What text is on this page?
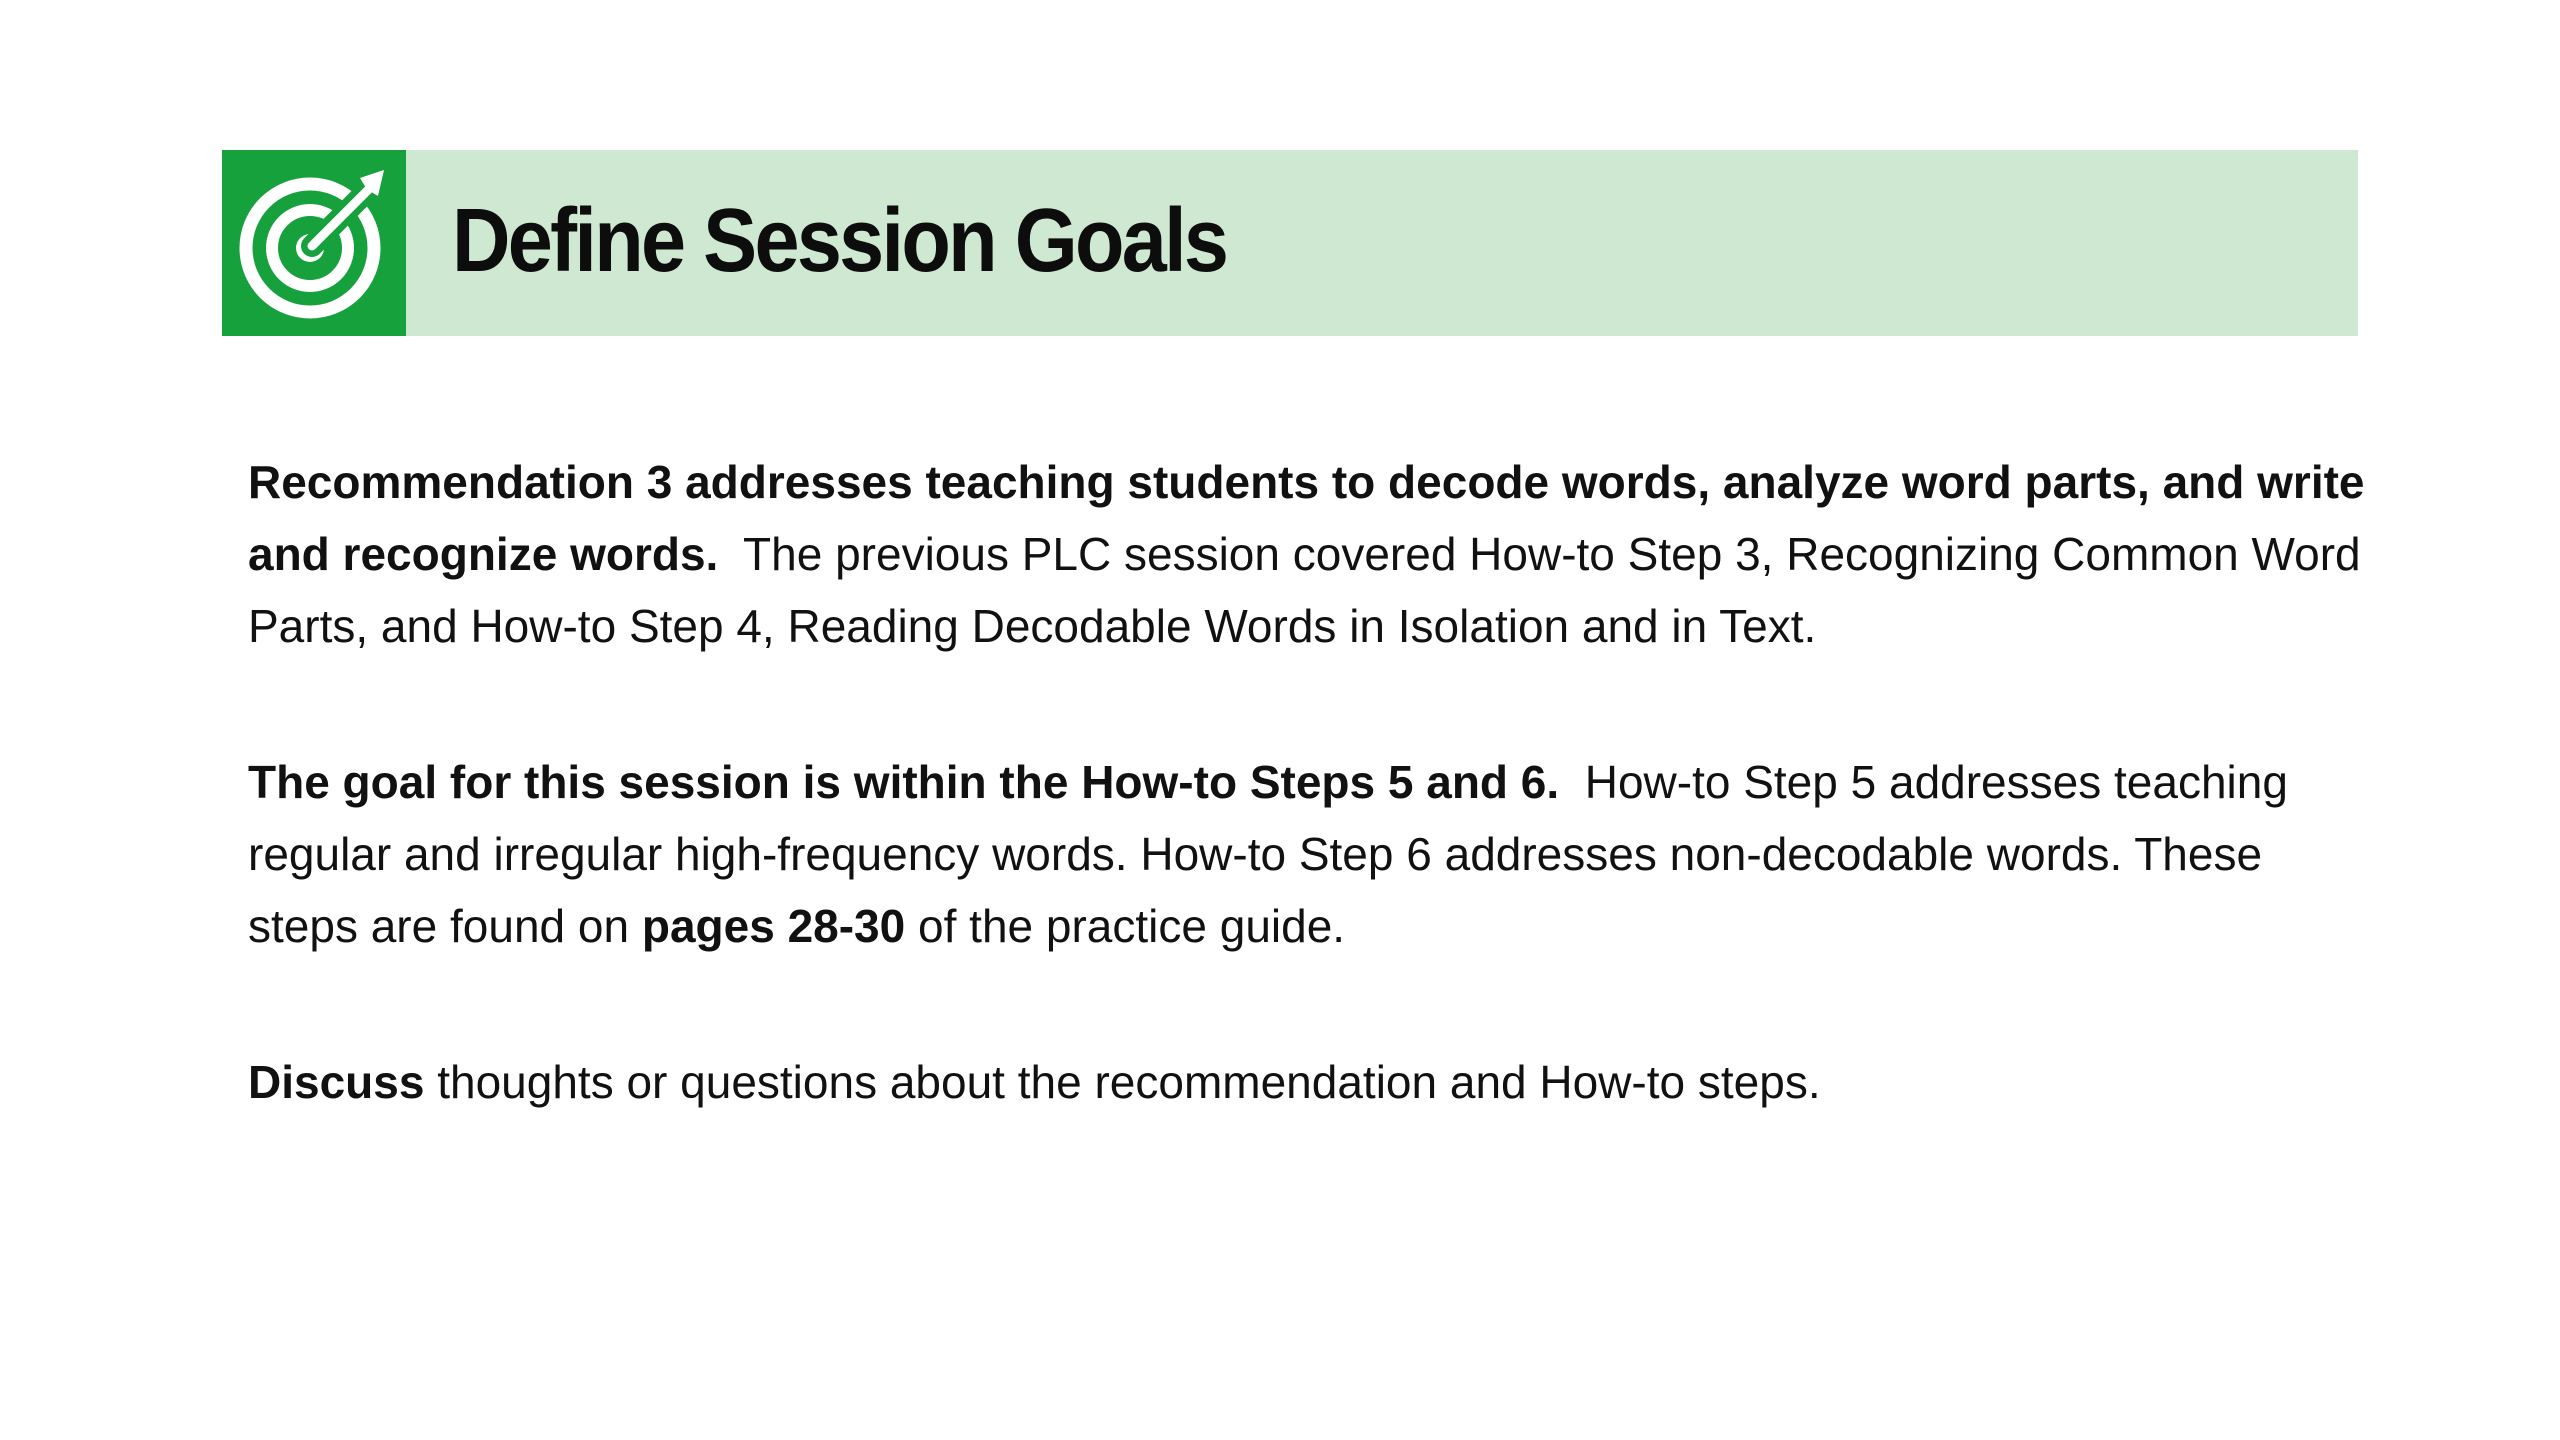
Define Session Goals

Recommendation 3 addresses teaching students to decode words, analyze word parts, and write and recognize words. The previous PLC session covered How-to Step 3, Recognizing Common Word Parts, and How-to Step 4, Reading Decodable Words in Isolation and in Text.

The goal for this session is within the How-to Steps 5 and 6. How-to Step 5 addresses teaching regular and irregular high-frequency words. How-to Step 6 addresses non-decodable words. These steps are found on pages 28-30 of the practice guide.

Discuss thoughts or questions about the recommendation and How-to steps.
